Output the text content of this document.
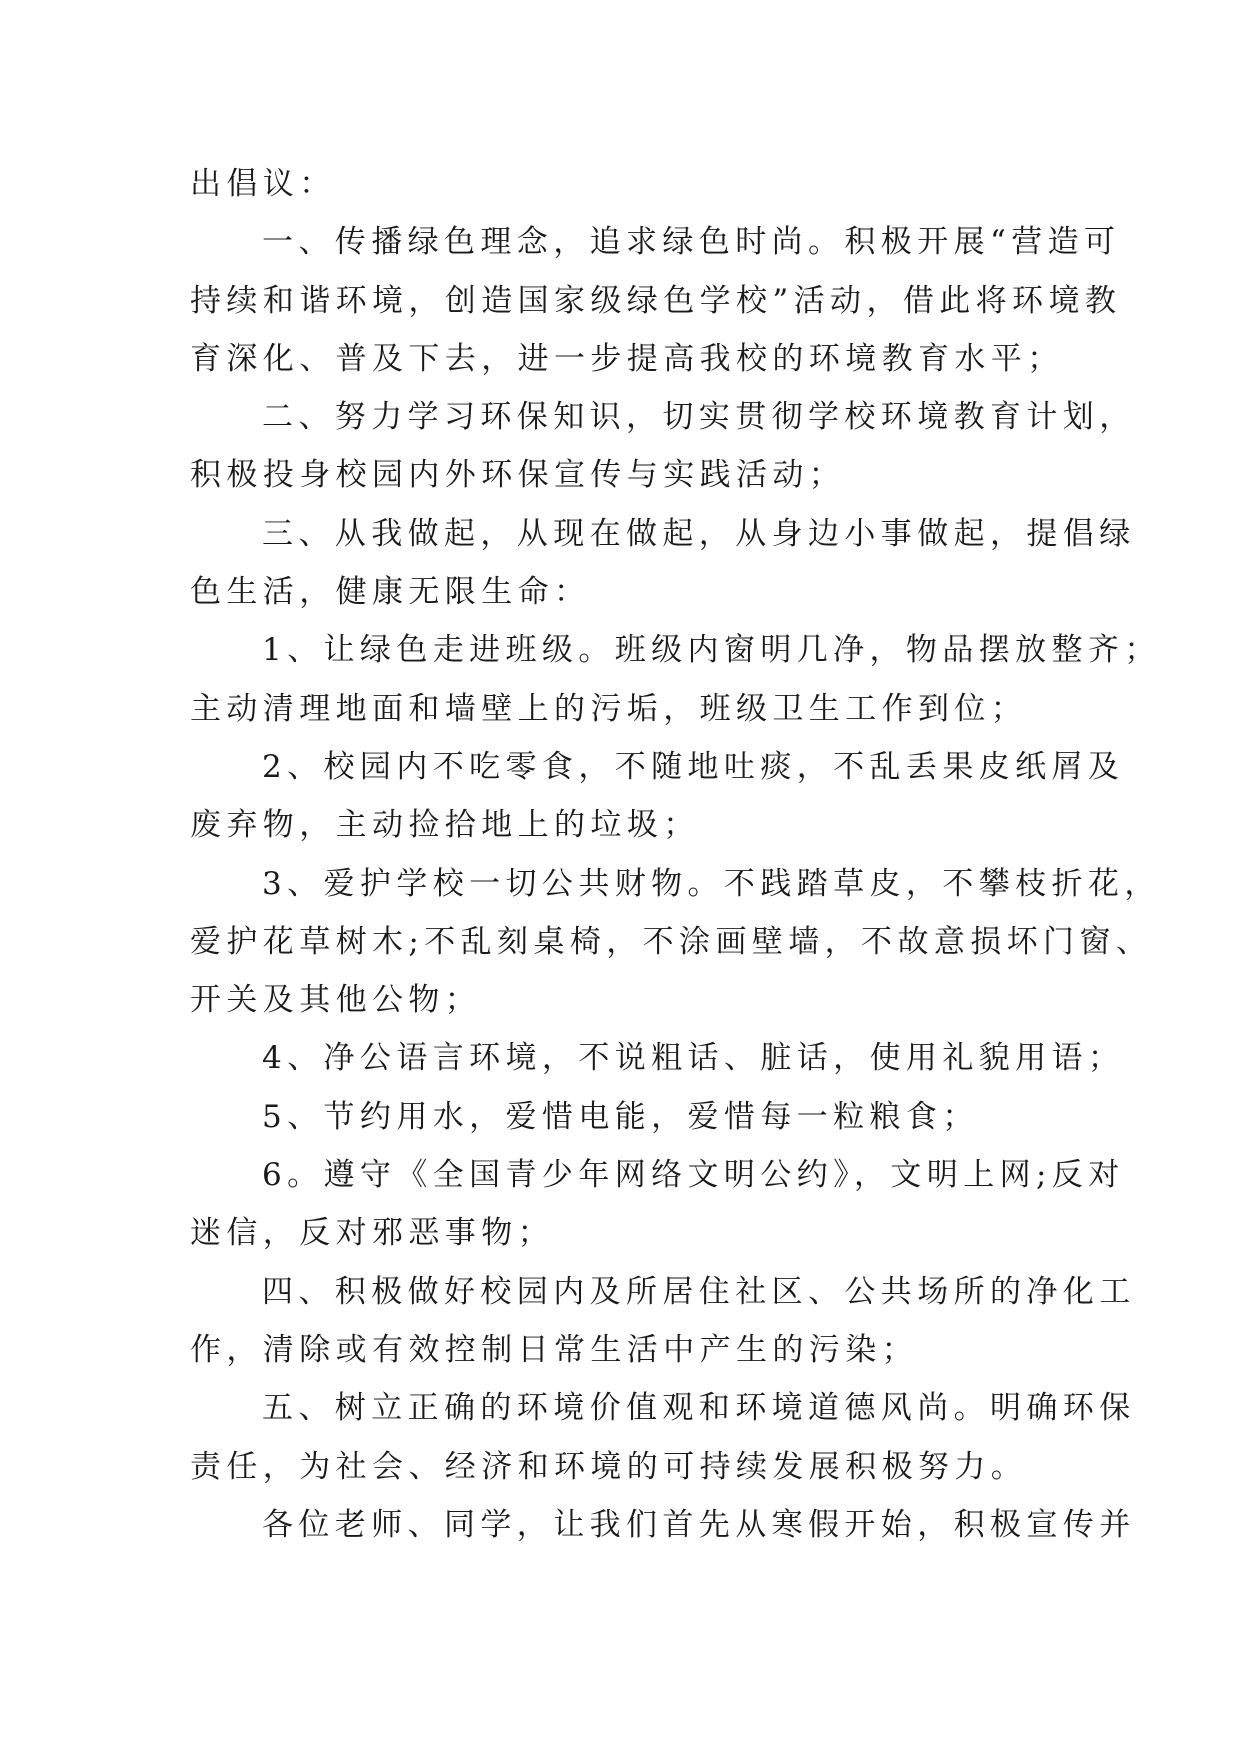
出倡议：
一、传播绿色理念，追求绿色时尚。积极开展“营造可
持续和谐环境，创造国家级绿色学校”活动，借此将环境教
育深化、普及下去，进一步提高我校的环境教育水平；
二、努力学习环保知识，切实贯彻学校环境教育计划，
积极投身校园内外环保宣传与实践活动；
三、从我做起，从现在做起，从身边小事做起，提倡绿
色生活，健康无限生命：
1、让绿色走进班级。班级内窗明几净，物品摆放整齐；
主动清理地面和墙壁上的污垢，班级卫生工作到位；
2、校园内不吃零食，不随地吐痰，不乱丢果皮纸屑及
废弃物，主动捡拾地上的垃圾；
3、爱护学校一切公共财物。不践踏草皮，不攀枝折花，
爱护花草树木;不乱刻桌椅，不涂画壁墙，不故意损坏门窗、
开关及其他公物；
4、净公语言环境，不说粗话、脏话，使用礼貌用语；
5、节约用水，爱惜电能，爱惜每一粒粮食；
6。遵守《全国青少年网络文明公约》，文明上网;反对
迷信，反对邪恶事物；
四、积极做好校园内及所居住社区、公共场所的净化工
作，清除或有效控制日常生活中产生的污染；
五、树立正确的环境价值观和环境道德风尚。明确环保
责任，为社会、经济和环境的可持续发展积极努力。
各位老师、同学，让我们首先从寒假开始，积极宣传并
